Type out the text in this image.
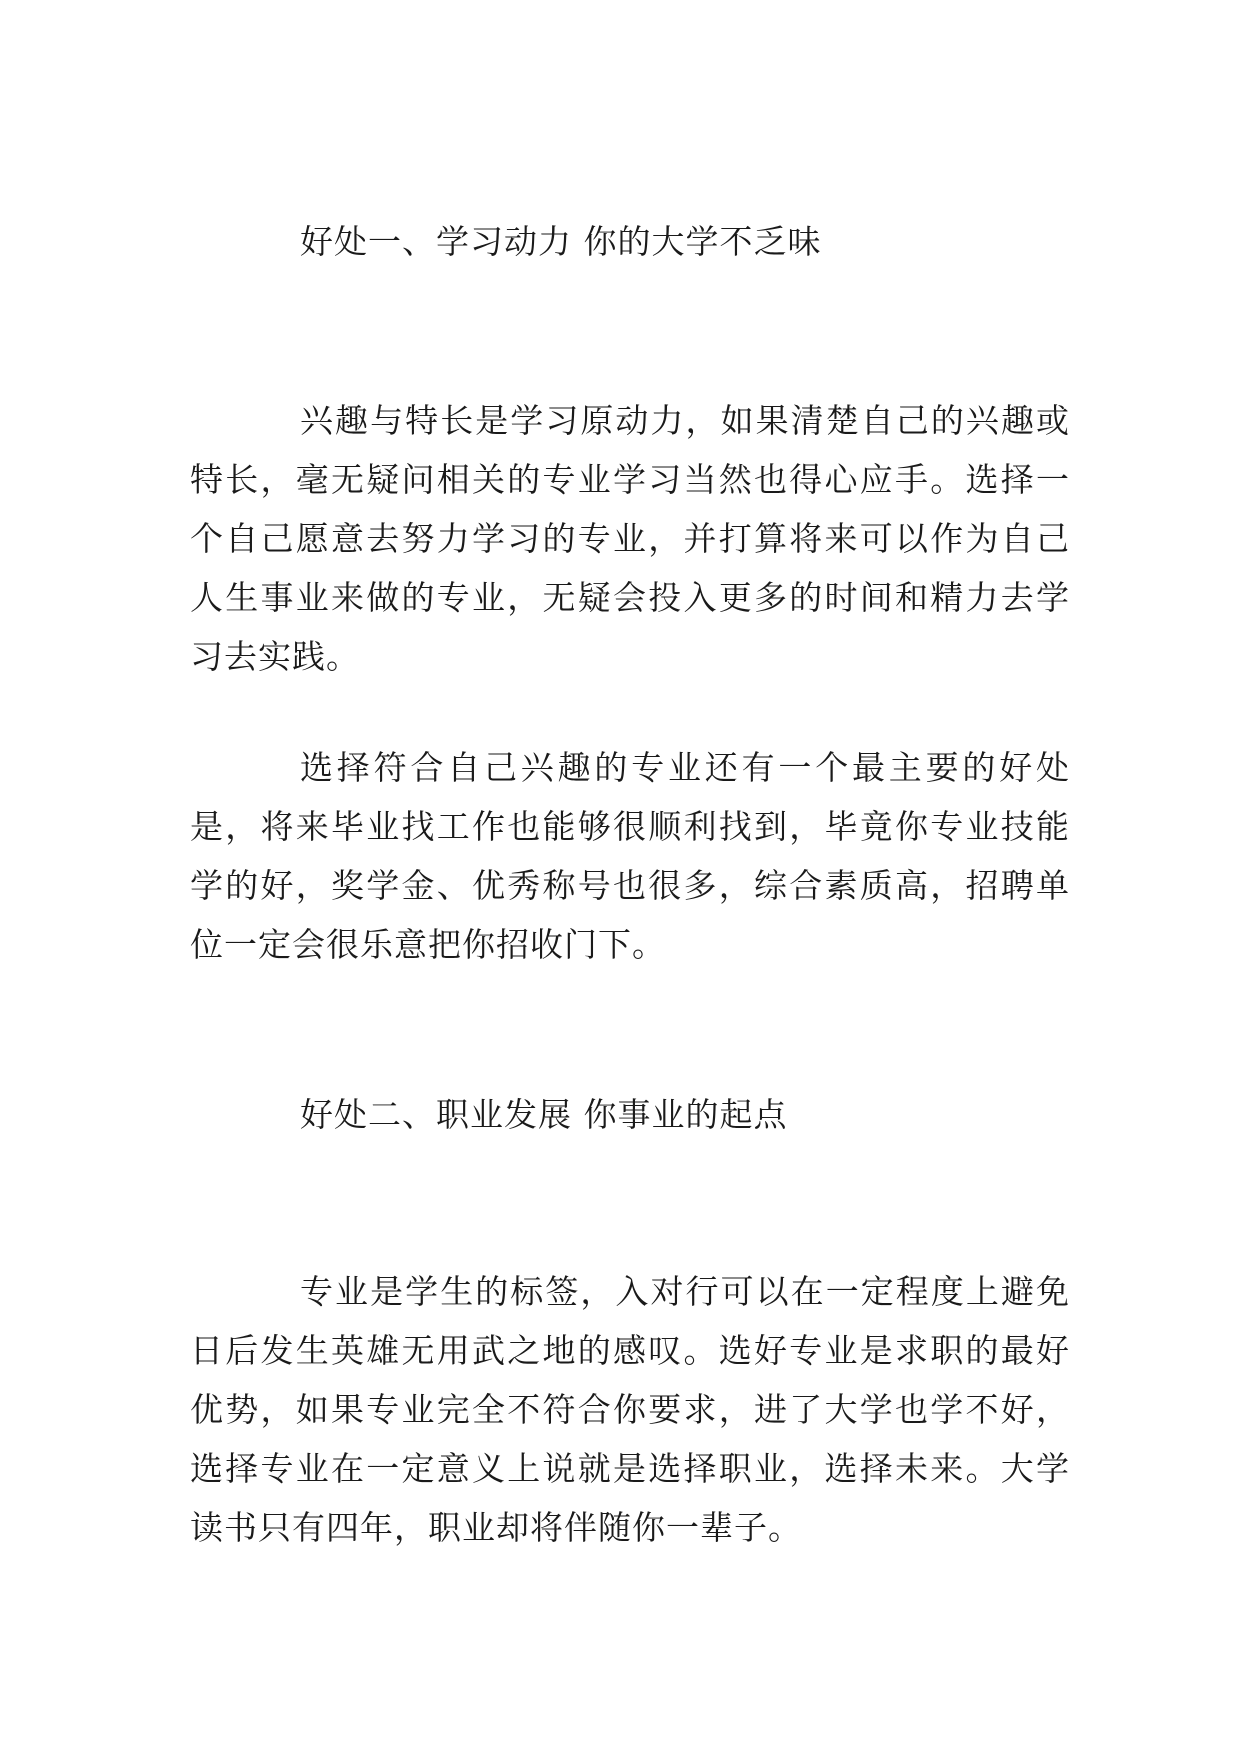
好处一、学习动力 你的大学不乏味

兴趣与特长是学习原动力，如果清楚自己的兴趣或特长，毫无疑问相关的专业学习当然也得心应手。选择一个自己愿意去努力学习的专业，并打算将来可以作为自己人生事业来做的专业，无疑会投入更多的时间和精力去学习去实践。

选择符合自己兴趣的专业还有一个最主要的好处是，将来毕业找工作也能够很顺利找到，毕竟你专业技能学的好，奖学金、优秀称号也很多，综合素质高，招聘单位一定会很乐意把你招收门下。

好处二、职业发展 你事业的起点

专业是学生的标签，入对行可以在一定程度上避免日后发生英雄无用武之地的感叹。选好专业是求职的最好优势，如果专业完全不符合你要求，进了大学也学不好，选择专业在一定意义上说就是选择职业，选择未来。大学读书只有四年，职业却将伴随你一辈子。
